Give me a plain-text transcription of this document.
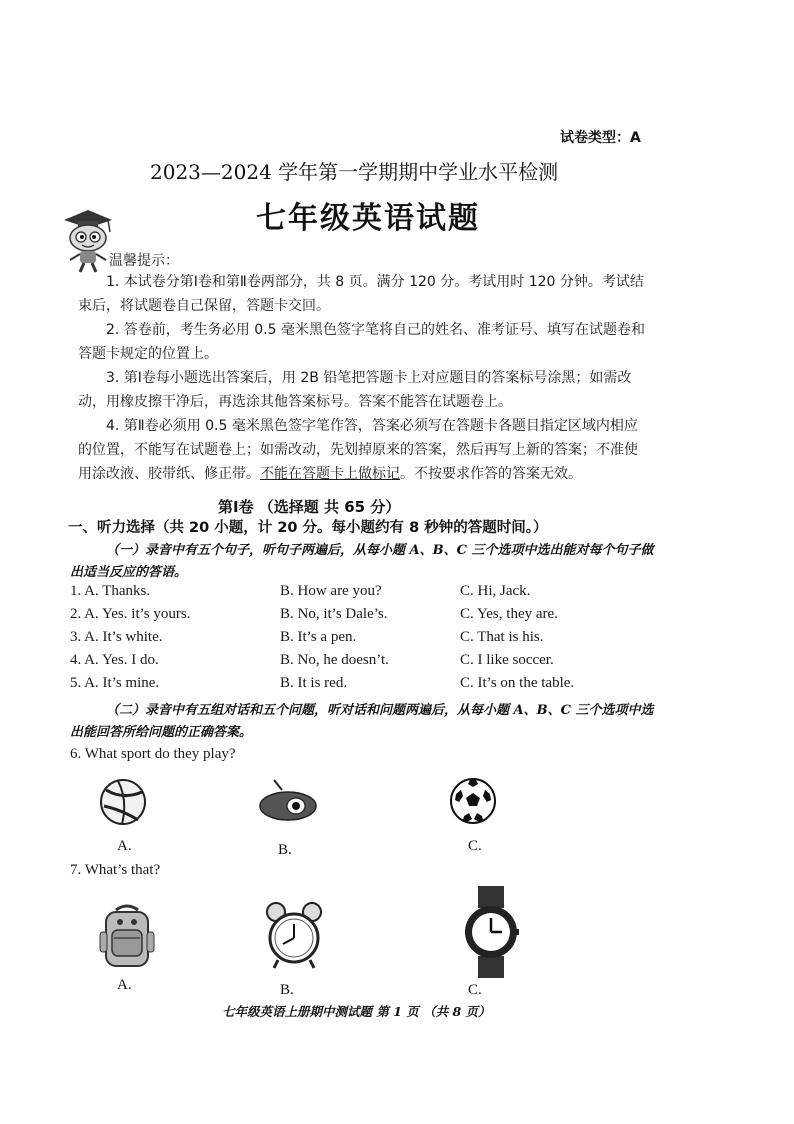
试卷类型：A
2023—2024 学年第一学期期中学业水平检测
七年级英语试题
温馨提示：
1. 本试卷分第Ⅰ卷和第Ⅱ卷两部分，共 8 页。满分 120 分。考试用时 120 分钟。考试结束后，将试题卷自己保留，答题卡交回。
2. 答卷前，考生务必用 0.5 毫米黑色签字笔将自己的姓名、准考证号、填写在试题卷和答题卡规定的位置上。
3. 第Ⅰ卷每小题选出答案后，用 2B 铅笔把答题卡上对应题目的答案标号涂黑；如需改动，用橡皮擦干净后，再选涂其他答案标号。答案不能答在试题卷上。
4. 第Ⅱ卷必须用 0.5 毫米黑色签字笔作答，答案必须写在答题卡各题目指定区域内相应的位置，不能写在试题卷上；如需改动，先划掉原来的答案，然后再写上新的答案；不准使用涂改液、胶带纸、修正带。不能在答题卡上做标记。不按要求作答的答案无效。
第Ⅰ卷 （选择题 共 65 分）
一、听力选择（共 20 小题，计 20 分。每小题约有 8 秒钟的答题时间。）
（一）录音中有五个句子，听句子两遍后，从每小题 A、B、C 三个选项中选出能对每个句子做出适当反应的答语。
1. A. Thanks.	B. How are you?	C. Hi, Jack.
2. A. Yes. it’s yours.	B. No, it’s Dale’s.	C. Yes, they are.
3. A. It’s white.	B. It’s a pen.	C. That is his.
4. A. Yes. I do.	B. No, he doesn’t.	C. I like soccer.
5. A. It’s mine.	B. It is red.	C. It’s on the table.
（二）录音中有五组对话和五个问题，听对话和问题两遍后，从每小题 A、B、C 三个选项中选出能回答所给问题的正确答案。
6. What sport do they play?
A.	B.	C.
7. What’s that?
A.	B.	C.
七年级英语上册期中测试题 第 1 页 （共 8 页）
